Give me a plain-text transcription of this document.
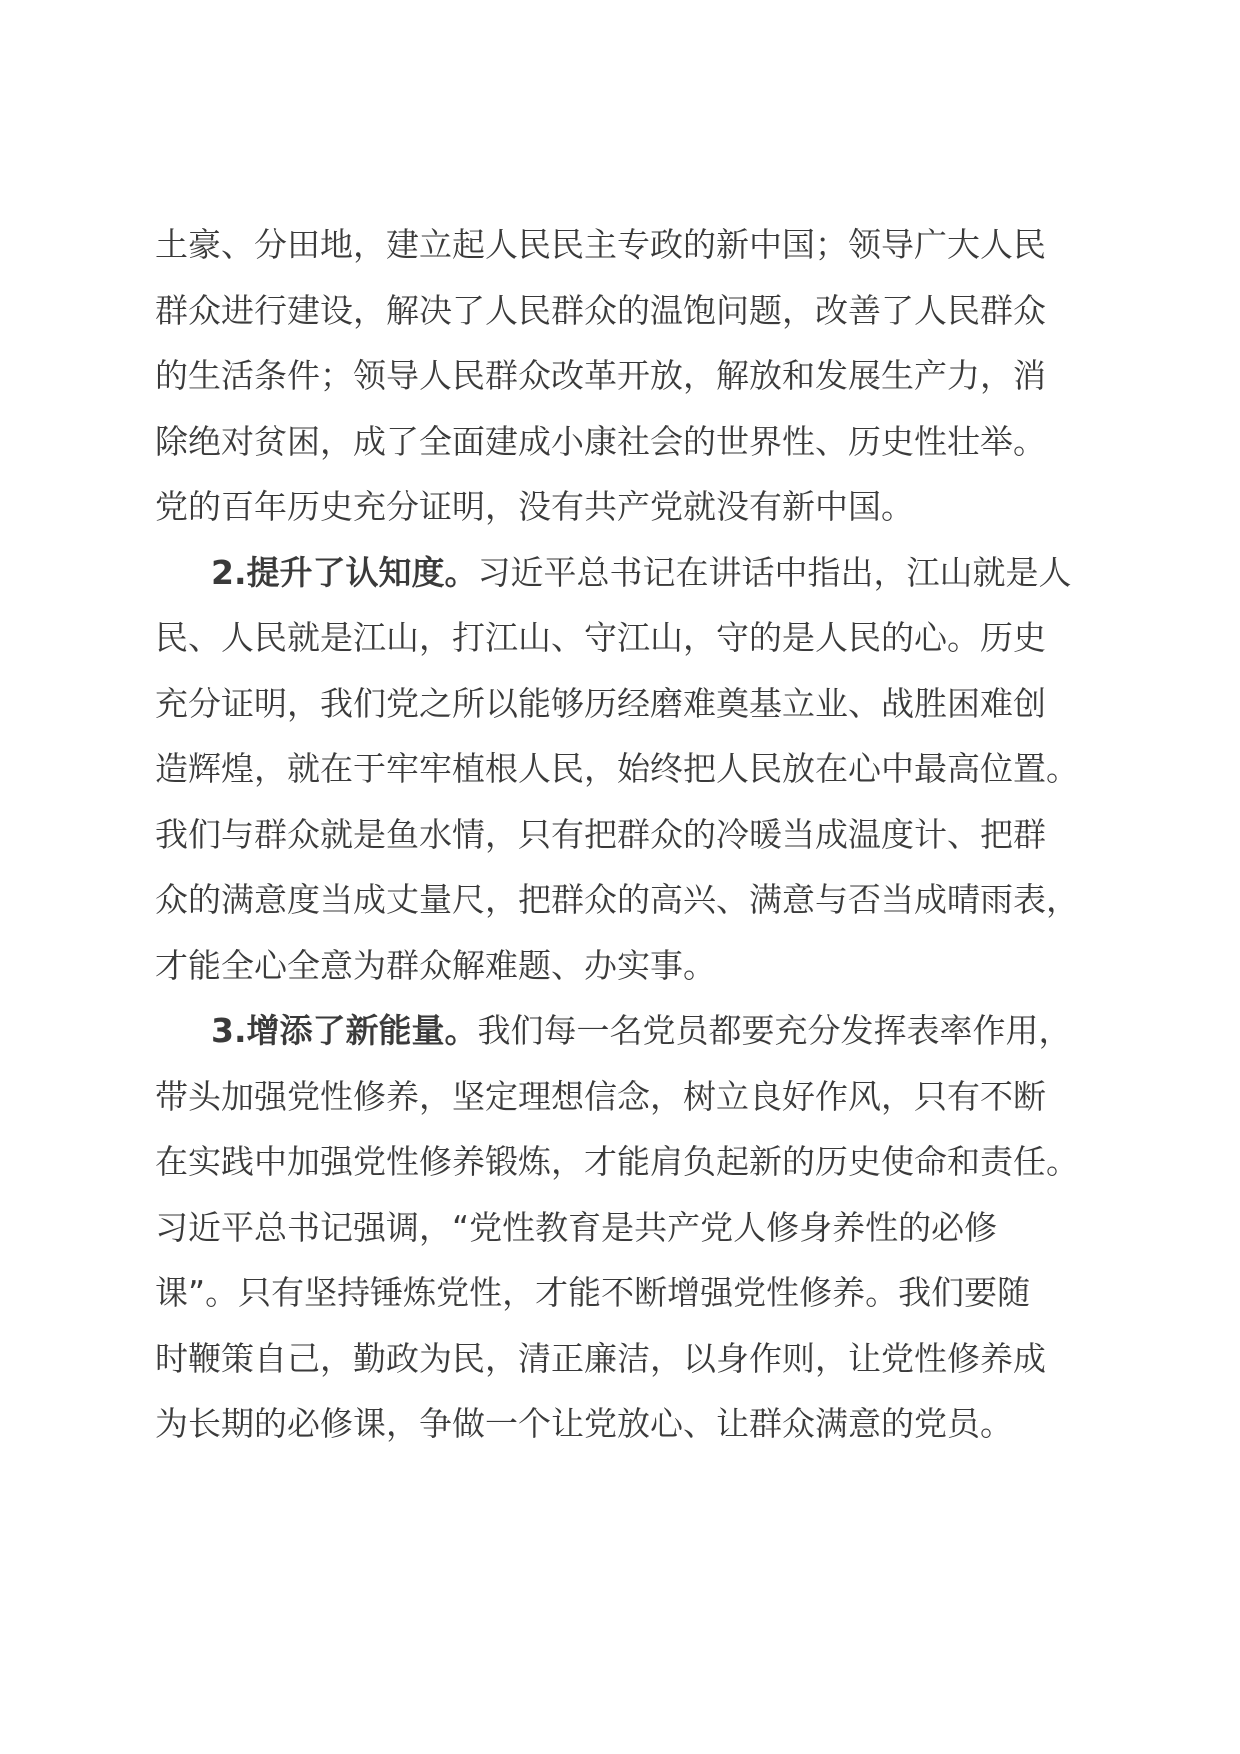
土豪、分田地，建立起人民民主专政的新中国；领导广大人民
群众进行建设，解决了人民群众的温饱问题，改善了人民群众
的生活条件；领导人民群众改革开放，解放和发展生产力，消
除绝对贫困，成了全面建成小康社会的世界性、历史性壮举。
党的百年历史充分证明，没有共产党就没有新中国。
2.提升了认知度。习近平总书记在讲话中指出，江山就是人
民、人民就是江山，打江山、守江山，守的是人民的心。历史
充分证明，我们党之所以能够历经磨难奠基立业、战胜困难创
造辉煌，就在于牢牢植根人民，始终把人民放在心中最高位置。
我们与群众就是鱼水情，只有把群众的冷暖当成温度计、把群
众的满意度当成丈量尺，把群众的高兴、满意与否当成晴雨表，
才能全心全意为群众解难题、办实事。
3.增添了新能量。我们每一名党员都要充分发挥表率作用，
带头加强党性修养，坚定理想信念，树立良好作风，只有不断
在实践中加强党性修养锻炼，才能肩负起新的历史使命和责任。
习近平总书记强调，“党性教育是共产党人修身养性的必修
课”。只有坚持锤炼党性，才能不断增强党性修养。我们要随
时鞭策自己，勤政为民，清正廉洁，以身作则，让党性修养成
为长期的必修课，争做一个让党放心、让群众满意的党员。
